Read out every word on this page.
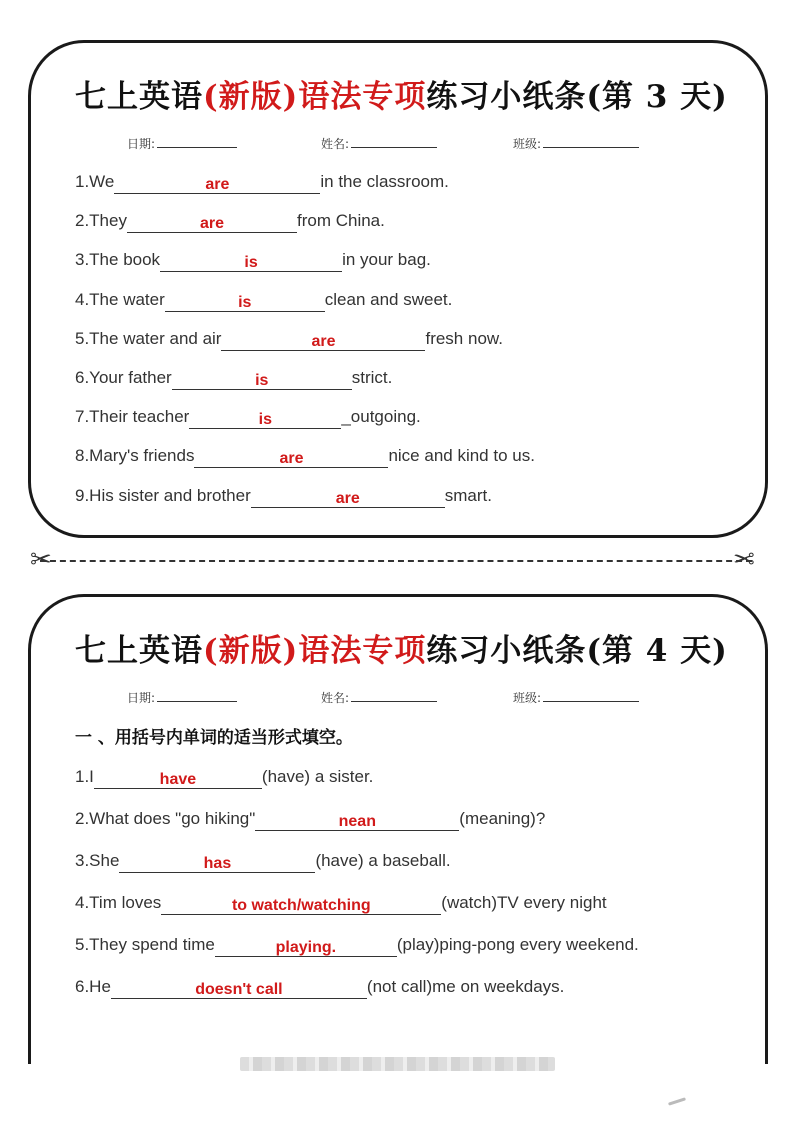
七上英语(新版)语法专项练习小纸条(第 3 天)
日期:	姓名:	班级:
1.We	are	in the classroom.
2.They	are	from China.
3.The book	is	in your bag.
4.The water	is	clean and sweet.
5.The water and air	are	fresh now.
6.Your father	is	strict.
7.Their teacher	is	_outgoing.
8.Mary's friends	are	nice and kind to us.
9.His sister and brother	are	smart.
✂	✂
七上英语(新版)语法专项练习小纸条(第 4 天)
日期:	姓名:	班级:
一 、用括号内单词的适当形式填空。
1.I	have	(have) a sister.
2.What does "go hiking"	nean	(meaning)?
3.She	has	(have) a baseball.
4.Tim loves	to watch/watching	(watch)TV every night
5.They spend time	playing.	(play)ping-pong every weekend.
6.He	doesn't call	(not call)me on weekdays.
